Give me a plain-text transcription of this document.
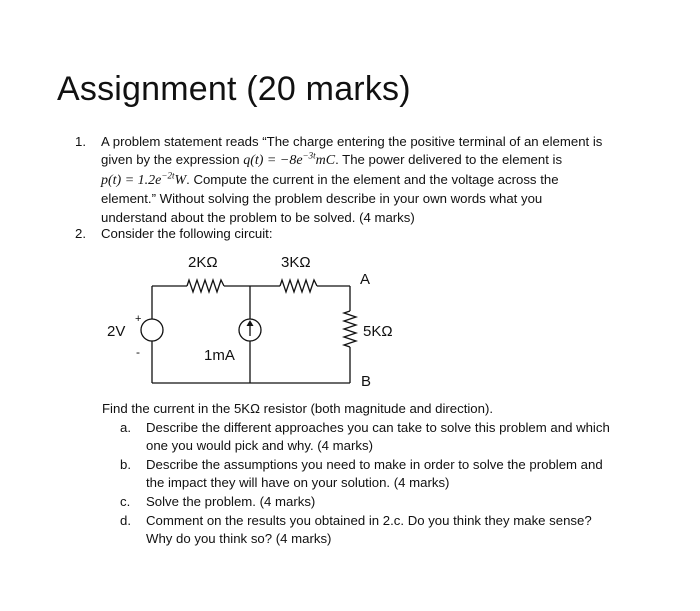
Assignment (20 marks)
1. A problem statement reads “The charge entering the positive terminal of an element is
given by the expression $q(t) = -8e^{-3t}mC$. The power delivered to the element is
$p(t) = 1.2e^{-2t}W$. Compute the current in the element and the voltage across the
element.” Without solving the problem describe in your own words what you
understand about the problem to be solved. (4 marks)
2. Consider the following circuit:
2KΩ	3KΩ
5KΩ
2V
+
-	1mA
A
B
Find the current in the 5KΩ resistor (both magnitude and direction).
a. Describe the different approaches you can take to solve this problem and which
one you would pick and why. (4 marks)
b. Describe the assumptions you need to make in order to solve the problem and
the impact they will have on your solution. (4 marks)
c. Solve the problem. (4 marks)
d. Comment on the results you obtained in 2.c. Do you think they make sense?
Why do you think so? (4 marks)
